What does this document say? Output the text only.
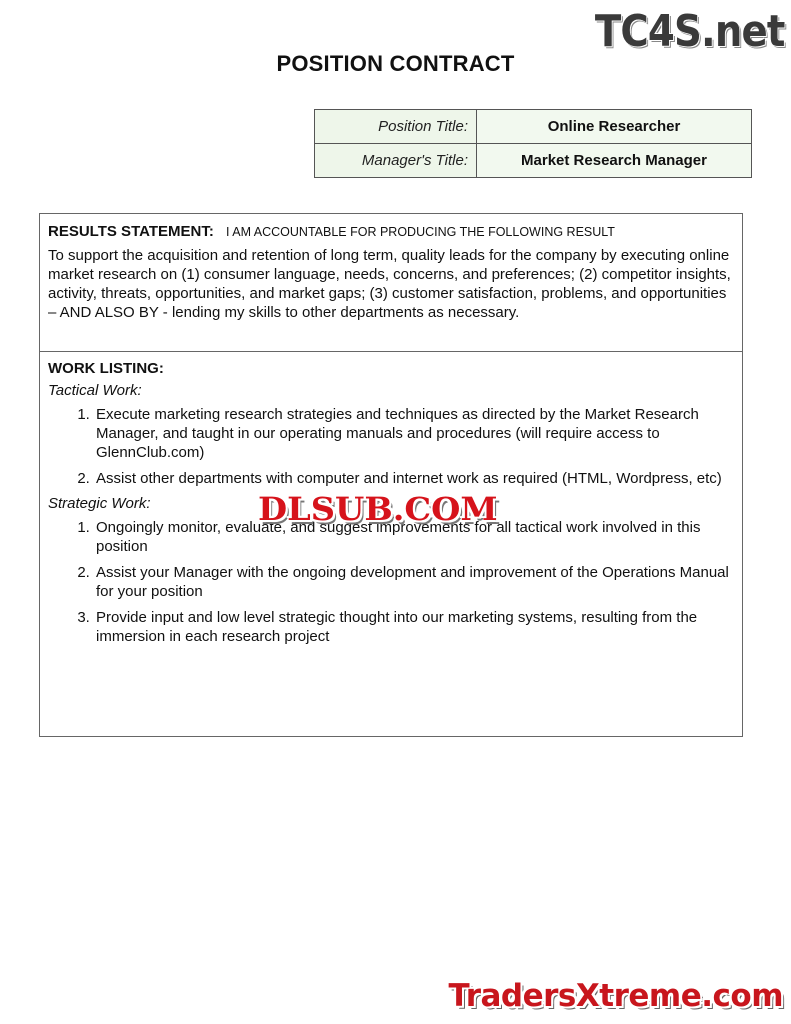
TC4S.net
POSITION CONTRACT
Position Title:	Online Researcher
Manager's Title:	Market Research Manager
RESULTS STATEMENT: I AM ACCOUNTABLE FOR PRODUCING THE FOLLOWING RESULT
To support the acquisition and retention of long term, quality leads for the company by executing online market research on (1) consumer language, needs, concerns, and preferences; (2) competitor insights, activity, threats, opportunities, and market gaps; (3) customer satisfaction, problems, and opportunities – AND ALSO BY - lending my skills to other departments as necessary.
WORK LISTING:
Tactical Work:
1. Execute marketing research strategies and techniques as directed by the Market Research Manager, and taught in our operating manuals and procedures (will require access to GlennClub.com)
2. Assist other departments with computer and internet work as required (HTML, Wordpress, etc)
Strategic Work:
1. Ongoingly monitor, evaluate, and suggest improvements for all tactical work involved in this position
2. Assist your Manager with the ongoing development and improvement of the Operations Manual for your position
3. Provide input and low level strategic thought into our marketing systems, resulting from the immersion in each research project
DLSUB.COM
TradersXtreme.com
